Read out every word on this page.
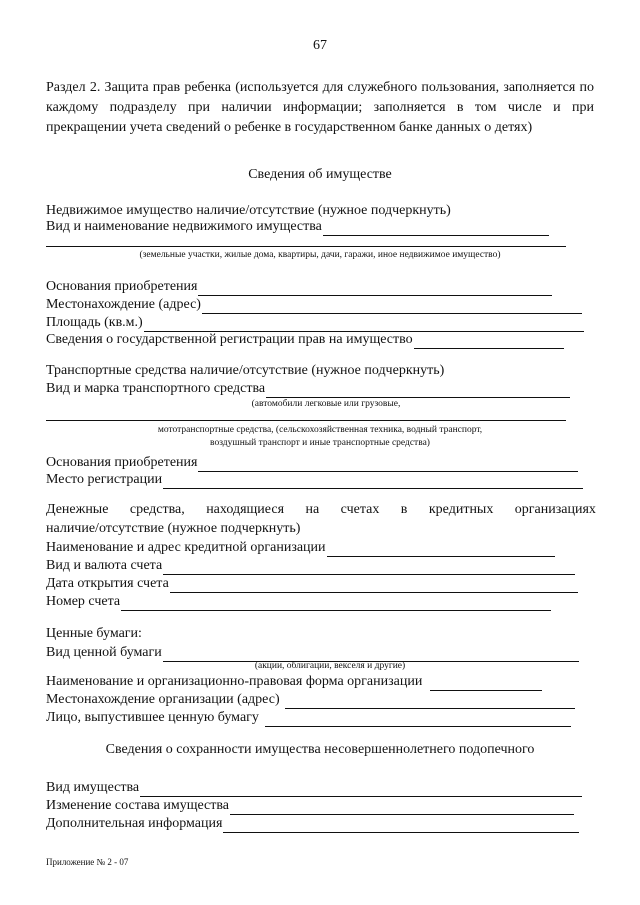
67
Раздел 2. Защита прав ребенка (используется для служебного пользования, заполняется по каждому подразделу при наличии информации; заполняется в том числе и при прекращении учета сведений о ребенке в государственном банке данных о детях)
Сведения об имуществе
Недвижимое имущество наличие/отсутствие (нужное подчеркнуть)
Вид и наименование недвижимого имущества
(земельные участки, жилые дома, квартиры, дачи, гаражи, иное недвижимое имущество)
Основания приобретения
Местонахождение (адрес)
Площадь (кв.м.)
Сведения о государственной регистрации прав на имущество
Транспортные средства наличие/отсутствие (нужное подчеркнуть)
Вид и марка транспортного средства
(автомобили легковые или грузовые,
мототранспортные средства, (сельскохозяйственная техника, водный транспорт, воздушный транспорт и иные транспортные средства)
Основания приобретения
Место регистрации
Денежные средства, находящиеся на счетах в кредитных организациях
наличие/отсутствие (нужное подчеркнуть)
Наименование и адрес кредитной организации
Вид и валюта счета
Дата открытия счета
Номер счета
Ценные бумаги:
Вид ценной бумаги
(акции, облигации, векселя и другие)
Наименование и организационно-правовая форма организации
Местонахождение организации (адрес)
Лицо, выпустившее ценную бумагу
Сведения о сохранности имущества несовершеннолетнего подопечного
Вид имущества
Изменение состава имущества
Дополнительная информация
Приложение № 2 - 07
